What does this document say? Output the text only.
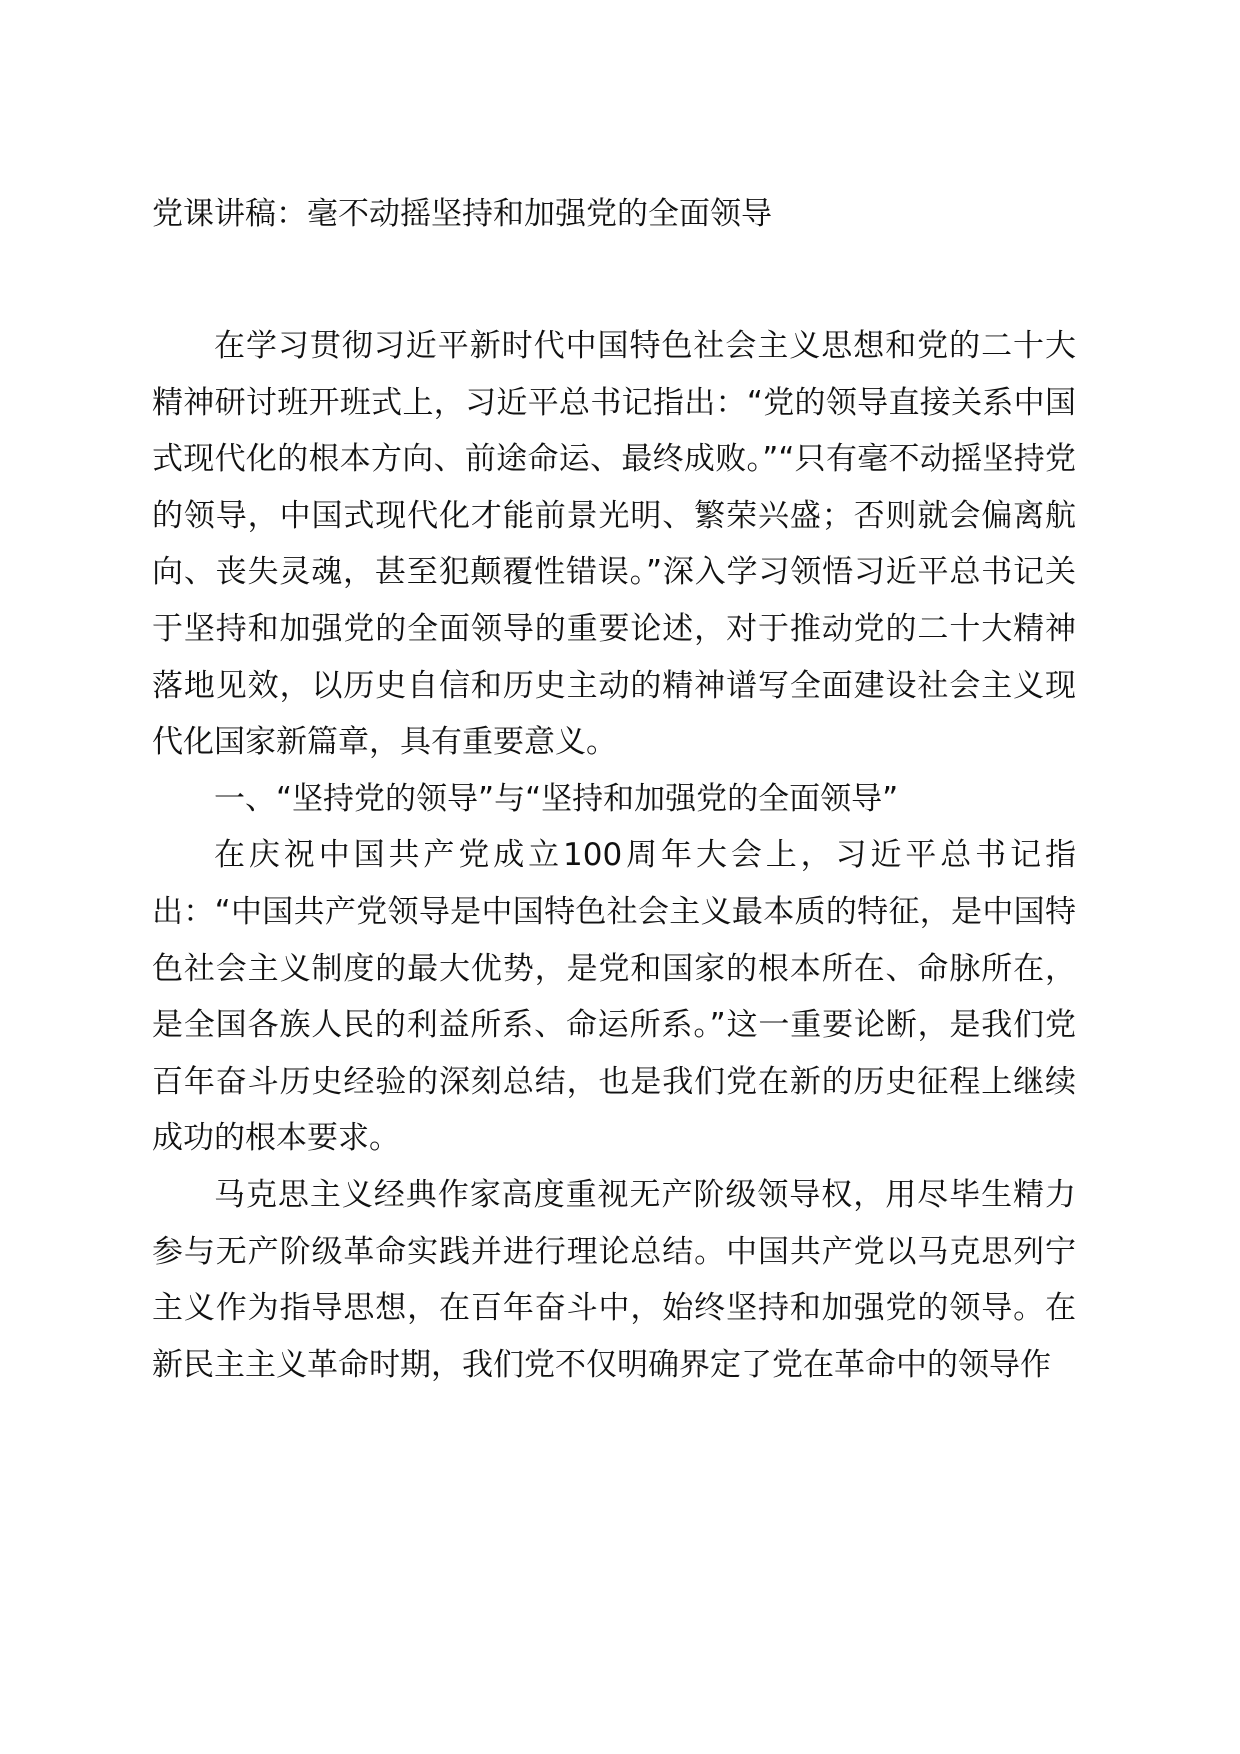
党课讲稿：毫不动摇坚持和加强党的全面领导

在学习贯彻习近平新时代中国特色社会主义思想和党的二十大精神研讨班开班式上，习近平总书记指出：“党的领导直接关系中国式现代化的根本方向、前途命运、最终成败。”“只有毫不动摇坚持党的领导，中国式现代化才能前景光明、繁荣兴盛；否则就会偏离航向、丧失灵魂，甚至犯颠覆性错误。”深入学习领悟习近平总书记关于坚持和加强党的全面领导的重要论述，对于推动党的二十大精神落地见效，以历史自信和历史主动的精神谱写全面建设社会主义现代化国家新篇章，具有重要意义。

一、“坚持党的领导”与“坚持和加强党的全面领导”

在庆祝中国共产党成立100周年大会上，习近平总书记指出：“中国共产党领导是中国特色社会主义最本质的特征，是中国特色社会主义制度的最大优势，是党和国家的根本所在、命脉所在，是全国各族人民的利益所系、命运所系。”这一重要论断，是我们党百年奋斗历史经验的深刻总结，也是我们党在新的历史征程上继续成功的根本要求。

马克思主义经典作家高度重视无产阶级领导权，用尽毕生精力参与无产阶级革命实践并进行理论总结。中国共产党以马克思列宁主义作为指导思想，在百年奋斗中，始终坚持和加强党的领导。在新民主主义革命时期，我们党不仅明确界定了党在革命中的领导作
